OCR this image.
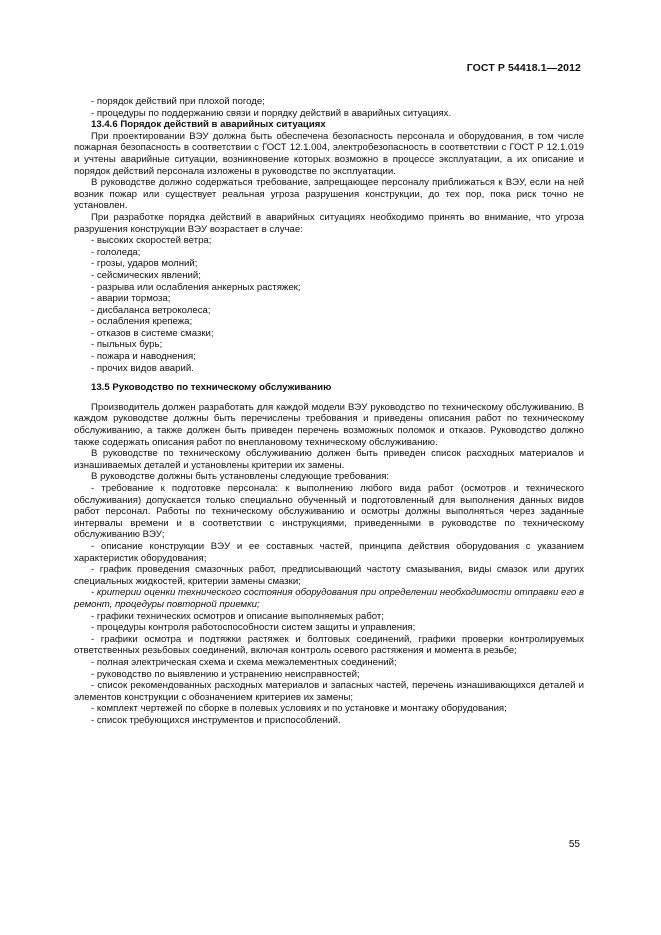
ГОСТ Р 54418.1—2012

- порядок действий при плохой погоде;

- процедуры по поддержанию связи и порядку действий в аварийных ситуациях.

13.4.6 Порядок действий в аварийных ситуациях

При проектировании ВЭУ должна быть обеспечена безопасность персонала и оборудования, в том числе пожарная безопасность в соответствии с ГОСТ 12.1.004, электробезопасность в соответствии с ГОСТ Р 12.1.019 и учтены аварийные ситуации, возникновение которых возможно в процессе эксплуатации, а их описание и порядок действий персонала изложены в руководстве по эксплуатации.

В руководстве должно содержаться требование, запрещающее персоналу приближаться к ВЭУ, если на ней возник пожар или существует реальная угроза разрушения конструкции, до тех пор, пока риск точно не установлен.

При разработке порядка действий в аварийных ситуациях необходимо принять во внимание, что угроза разрушения конструкции ВЭУ возрастает в случае:

- высоких скоростей ветра;

- гололеда;

- грозы, ударов молний;

- сейсмических явлений;

- разрыва или ослабления анкерных растяжек;

- аварии тормоза;

- дисбаланса ветроколеса;

- ослабления крепежа;

- отказов в системе смазки;

- пыльных бурь;

- пожара и наводнения;

- прочих видов аварий.

13.5 Руководство по техническому обслуживанию

Производитель должен разработать для каждой модели ВЭУ руководство по техническому обслуживанию. В каждом руководстве должны быть перечислены требования и приведены описания работ по техническому обслуживанию, а также должен быть приведен перечень возможных поломок и отказов. Руководство должно также содержать описания работ по внеплановому техническому обслуживанию.

В руководстве по техническому обслуживанию должен быть приведен список расходных материалов и изнашиваемых деталей и установлены критерии их замены.

В руководстве должны быть установлены следующие требования:

- требование к подготовке персонала: к выполнению любого вида работ (осмотров и технического обслуживания) допускается только специально обученный и подготовленный для выполнения данных видов работ персонал. Работы по техническому обслуживанию и осмотры должны выполняться через заданные интервалы времени и в соответствии с инструкциями, приведенными в руководстве по техническому обслуживанию ВЭУ;

- описание конструкции ВЭУ и ее составных частей, принципа действия оборудования с указанием характеристик оборудования;

- график проведения смазочных работ, предписывающий частоту смазывания, виды смазок или других специальных жидкостей, критерии замены смазки;

- критерии оценки технического состояния оборудования при определении необходимости отправки его в ремонт, процедуры повторной приемки;

- графики технических осмотров и описание выполняемых работ;

- процедуры контроля работоспособности систем защиты и управления;

- графики осмотра и подтяжки растяжек и болтовых соединений, графики проверки контролируемых ответственных резьбовых соединений, включая контроль осевого растяжения и момента в резьбе;

- полная электрическая схема и схема межэлементных соединений;

- руководство по выявлению и устранению неисправностей;

- список рекомендованных расходных материалов и запасных частей, перечень изнашивающихся деталей и элементов конструкции с обозначением критериев их замены;

- комплект чертежей по сборке в полевых условиях и по установке и монтажу оборудования;

- список требующихся инструментов и приспособлений.

55
